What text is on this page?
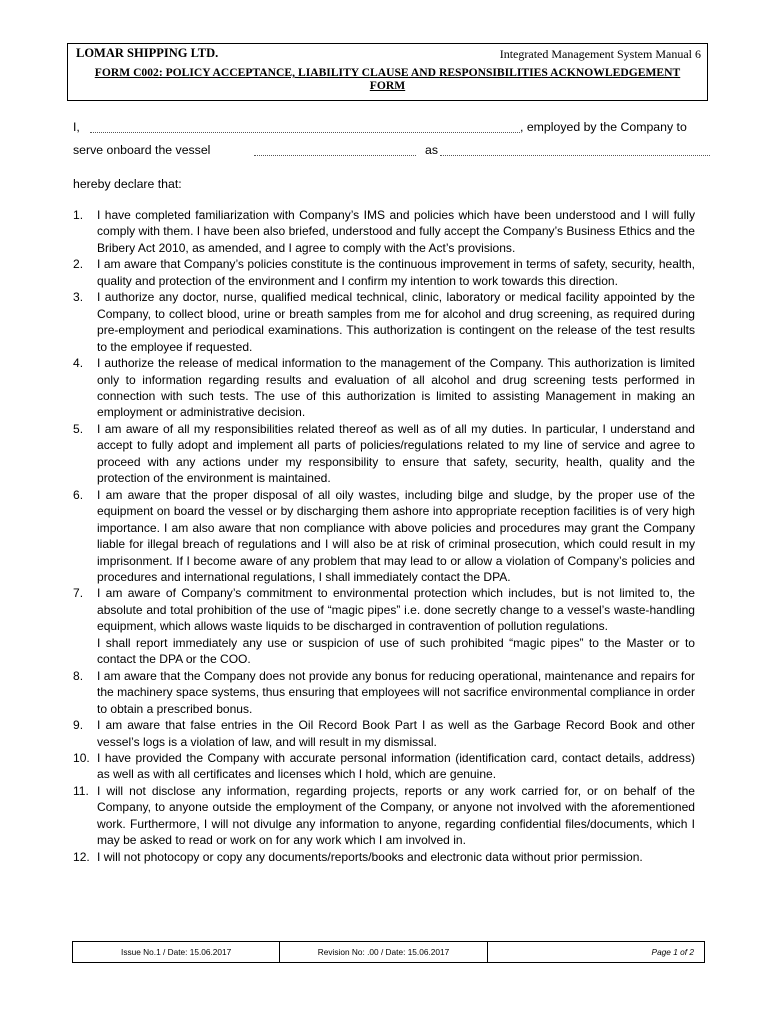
LOMAR SHIPPING LTD.	Integrated Management System Manual 6
FORM C002: POLICY ACCEPTANCE, LIABILITY CLAUSE AND RESPONSIBILITIES ACKNOWLEDGEMENT FORM
I,	, employed by the Company to
serve onboard the vessel	as
hereby declare that:
1. I have completed familiarization with Company’s IMS and policies which have been understood and I will fully comply with them. I have been also briefed, understood and fully accept the Company’s Business Ethics and the Bribery Act 2010, as amended, and I agree to comply with the Act’s provisions.
2. I am aware that Company’s policies constitute is the continuous improvement in terms of safety, security, health, quality and protection of the environment and I confirm my intention to work towards this direction.
3. I authorize any doctor, nurse, qualified medical technical, clinic, laboratory or medical facility appointed by the Company, to collect blood, urine or breath samples from me for alcohol and drug screening, as required during pre-employment and periodical examinations. This authorization is contingent on the release of the test results to the employee if requested.
4. I authorize the release of medical information to the management of the Company. This authorization is limited only to information regarding results and evaluation of all alcohol and drug screening tests performed in connection with such tests. The use of this authorization is limited to assisting Management in making an employment or administrative decision.
5. I am aware of all my responsibilities related thereof as well as of all my duties. In particular, I understand and accept to fully adopt and implement all parts of policies/regulations related to my line of service and agree to proceed with any actions under my responsibility to ensure that safety, security, health, quality and the protection of the environment is maintained.
6. I am aware that the proper disposal of all oily wastes, including bilge and sludge, by the proper use of the equipment on board the vessel or by discharging them ashore into appropriate reception facilities is of very high importance. I am also aware that non compliance with above policies and procedures may grant the Company liable for illegal breach of regulations and I will also be at risk of criminal prosecution, which could result in my imprisonment. If I become aware of any problem that may lead to or allow a violation of Company’s policies and procedures and international regulations, I shall immediately contact the DPA.
7. I am aware of Company’s commitment to environmental protection which includes, but is not limited to, the absolute and total prohibition of the use of “magic pipes” i.e. done secretly change to a vessel’s waste-handling equipment, which allows waste liquids to be discharged in contravention of pollution regulations.
I shall report immediately any use or suspicion of use of such prohibited “magic pipes” to the Master or to contact the DPA or the COO.
8. I am aware that the Company does not provide any bonus for reducing operational, maintenance and repairs for the machinery space systems, thus ensuring that employees will not sacrifice environmental compliance in order to obtain a prescribed bonus.
9. I am aware that false entries in the Oil Record Book Part I as well as the Garbage Record Book and other vessel’s logs is a violation of law, and will result in my dismissal.
10. I have provided the Company with accurate personal information (identification card, contact details, address) as well as with all certificates and licenses which I hold, which are genuine.
11. I will not disclose any information, regarding projects, reports or any work carried for, or on behalf of the Company, to anyone outside the employment of the Company, or anyone not involved with the aforementioned work. Furthermore, I will not divulge any information to anyone, regarding confidential files/documents, which I may be asked to read or work on for any work which I am involved in.
12. I will not photocopy or copy any documents/reports/books and electronic data without prior permission.
Issue No.1 / Date: 15.06.2017	Revision No: .00 / Date: 15.06.2017	Page 1 of 2
